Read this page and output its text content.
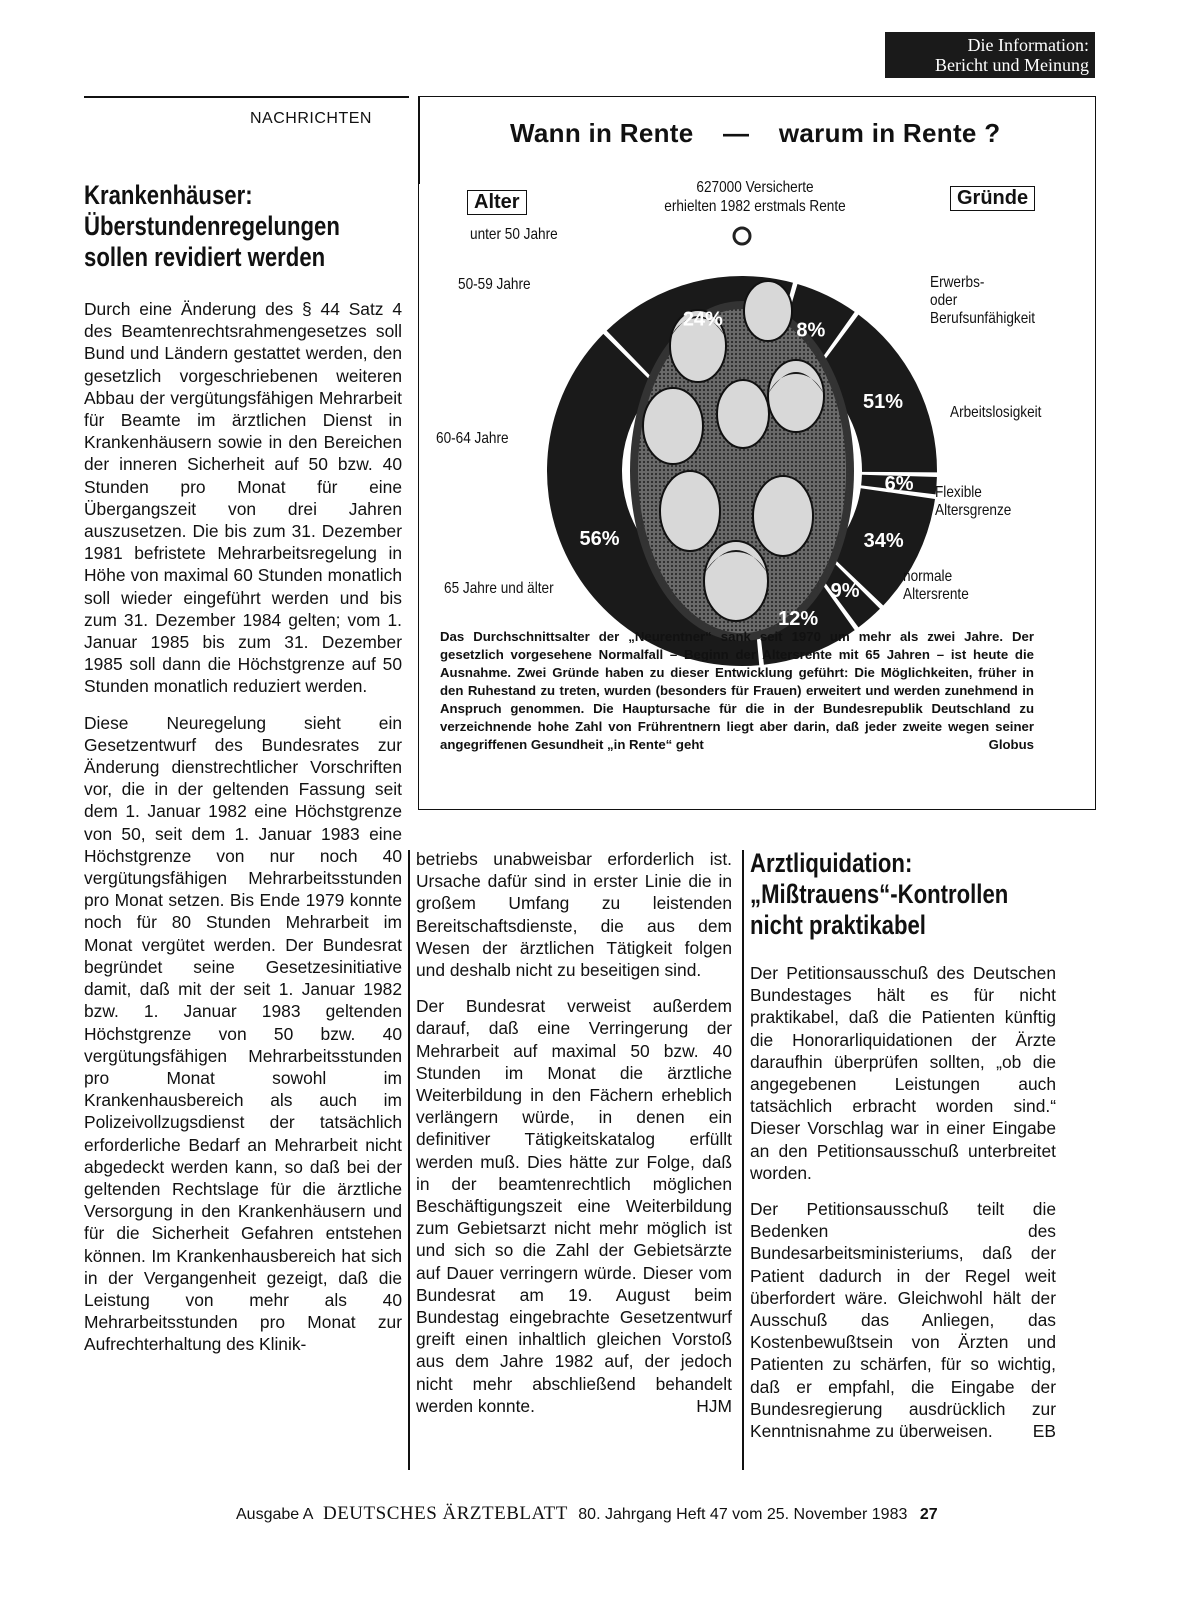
Die Information:
Bericht und Meinung
NACHRICHTEN
Krankenhäuser:
Überstundenregelungen
sollen revidiert werden

Durch eine Änderung des § 44 Satz 4 des Beamtenrechtsrahmengesetzes soll Bund und Ländern gestattet werden, den gesetzlich vorgeschriebenen weiteren Abbau der vergütungsfähigen Mehrarbeit für Beamte im ärztlichen Dienst in Krankenhäusern sowie in den Bereichen der inneren Sicherheit auf 50 bzw. 40 Stunden pro Monat für eine Übergangszeit von drei Jahren auszusetzen. Die bis zum 31. Dezember 1981 befristete Mehrarbeitsregelung in Höhe von maximal 60 Stunden monatlich soll wieder eingeführt werden und bis zum 31. Dezember 1984 gelten; vom 1. Januar 1985 bis zum 31. Dezember 1985 soll dann die Höchstgrenze auf 50 Stunden monatlich reduziert werden.

Diese Neuregelung sieht ein Gesetzentwurf des Bundesrates zur Änderung dienstrechtlicher Vorschriften vor, die in der geltenden Fassung seit dem 1. Januar 1982 eine Höchstgrenze von 50, seit dem 1. Januar 1983 eine Höchstgrenze von nur noch 40 vergütungsfähigen Mehrarbeitsstunden pro Monat setzen. Bis Ende 1979 konnte noch für 80 Stunden Mehrarbeit im Monat vergütet werden. Der Bundesrat begründet seine Gesetzesinitiative damit, daß mit der seit 1. Januar 1982 bzw. 1. Januar 1983 geltenden Höchstgrenze von 50 bzw. 40 vergütungsfähigen Mehrarbeitsstunden pro Monat sowohl im Krankenhausbereich als auch im Polizeivollzugsdienst der tatsächlich erforderliche Bedarf an Mehrarbeit nicht abgedeckt werden kann, so daß bei der geltenden Rechtslage für die ärztliche Versorgung in den Krankenhäusern und für die Sicherheit Gefahren entstehen können. Im Krankenhausbereich hat sich in der Vergangenheit gezeigt, daß die Leistung von mehr als 40 Mehrarbeitsstunden pro Monat zur Aufrechterhaltung des Klinik-

Wann in Rente — warum in Rente ?
627000 Versicherte
erhielten 1982 erstmals Rente
Alter	Gründe
8%
24%
56%
12%
51%
6%
34%
9%
unter 50 Jahre
50-59 Jahre
60-64 Jahre
65 Jahre und älter
Erwerbs- oder Berufsunfähigkeit
Arbeitslosigkeit
Flexible Altersgrenze
normale Altersrente
Das Durchschnittsalter der „Neurentner“ sank seit 1970 um mehr als zwei Jahre. Der gesetzlich vorgesehene Normalfall – Beginn der Altersrente mit 65 Jahren – ist heute die Ausnahme. Zwei Gründe haben zu dieser Entwicklung geführt: Die Möglichkeiten, früher in den Ruhestand zu treten, wurden (besonders für Frauen) erweitert und werden zunehmend in Anspruch genommen. Die Hauptursache für die in der Bundesrepublik Deutschland zu verzeichnende hohe Zahl von Frührentnern liegt aber darin, daß jeder zweite wegen seiner angegriffenen Gesundheit „in Rente“ geht	Globus

betriebs unabweisbar erforderlich ist. Ursache dafür sind in erster Linie die in großem Umfang zu leistenden Bereitschaftsdienste, die aus dem Wesen der ärztlichen Tätigkeit folgen und deshalb nicht zu beseitigen sind.

Der Bundesrat verweist außerdem darauf, daß eine Verringerung der Mehrarbeit auf maximal 50 bzw. 40 Stunden im Monat die ärztliche Weiterbildung in den Fächern erheblich verlängern würde, in denen ein definitiver Tätigkeitskatalog erfüllt werden muß. Dies hätte zur Folge, daß in der beamtenrechtlich möglichen Beschäftigungszeit eine Weiterbildung zum Gebietsarzt nicht mehr möglich ist und sich so die Zahl der Gebietsärzte auf Dauer verringern würde. Dieser vom Bundesrat am 19. August beim Bundestag eingebrachte Gesetzentwurf greift einen inhaltlich gleichen Vorstoß aus dem Jahre 1982 auf, der jedoch nicht mehr abschließend behandelt werden konnte.	HJM
Arztliquidation:
„Mißtrauens“-Kontrollen
nicht praktikabel

Der Petitionsausschuß des Deutschen Bundestages hält es für nicht praktikabel, daß die Patienten künftig die Honorarliquidationen der Ärzte daraufhin überprüfen sollten, „ob die angegebenen Leistungen auch tatsächlich erbracht worden sind.“ Dieser Vorschlag war in einer Eingabe an den Petitionsausschuß unterbreitet worden.

Der Petitionsausschuß teilt die Bedenken des Bundesarbeitsministeriums, daß der Patient dadurch in der Regel weit überfordert wäre. Gleichwohl hält der Ausschuß das Anliegen, das Kostenbewußtsein von Ärzten und Patienten zu schärfen, für so wichtig, daß er empfahl, die Eingabe der Bundesregierung ausdrücklich zur Kenntnisnahme zu überweisen.	EB
Ausgabe A DEUTSCHES ÄRZTEBLATT 80. Jahrgang Heft 47 vom 25. November 1983 27
